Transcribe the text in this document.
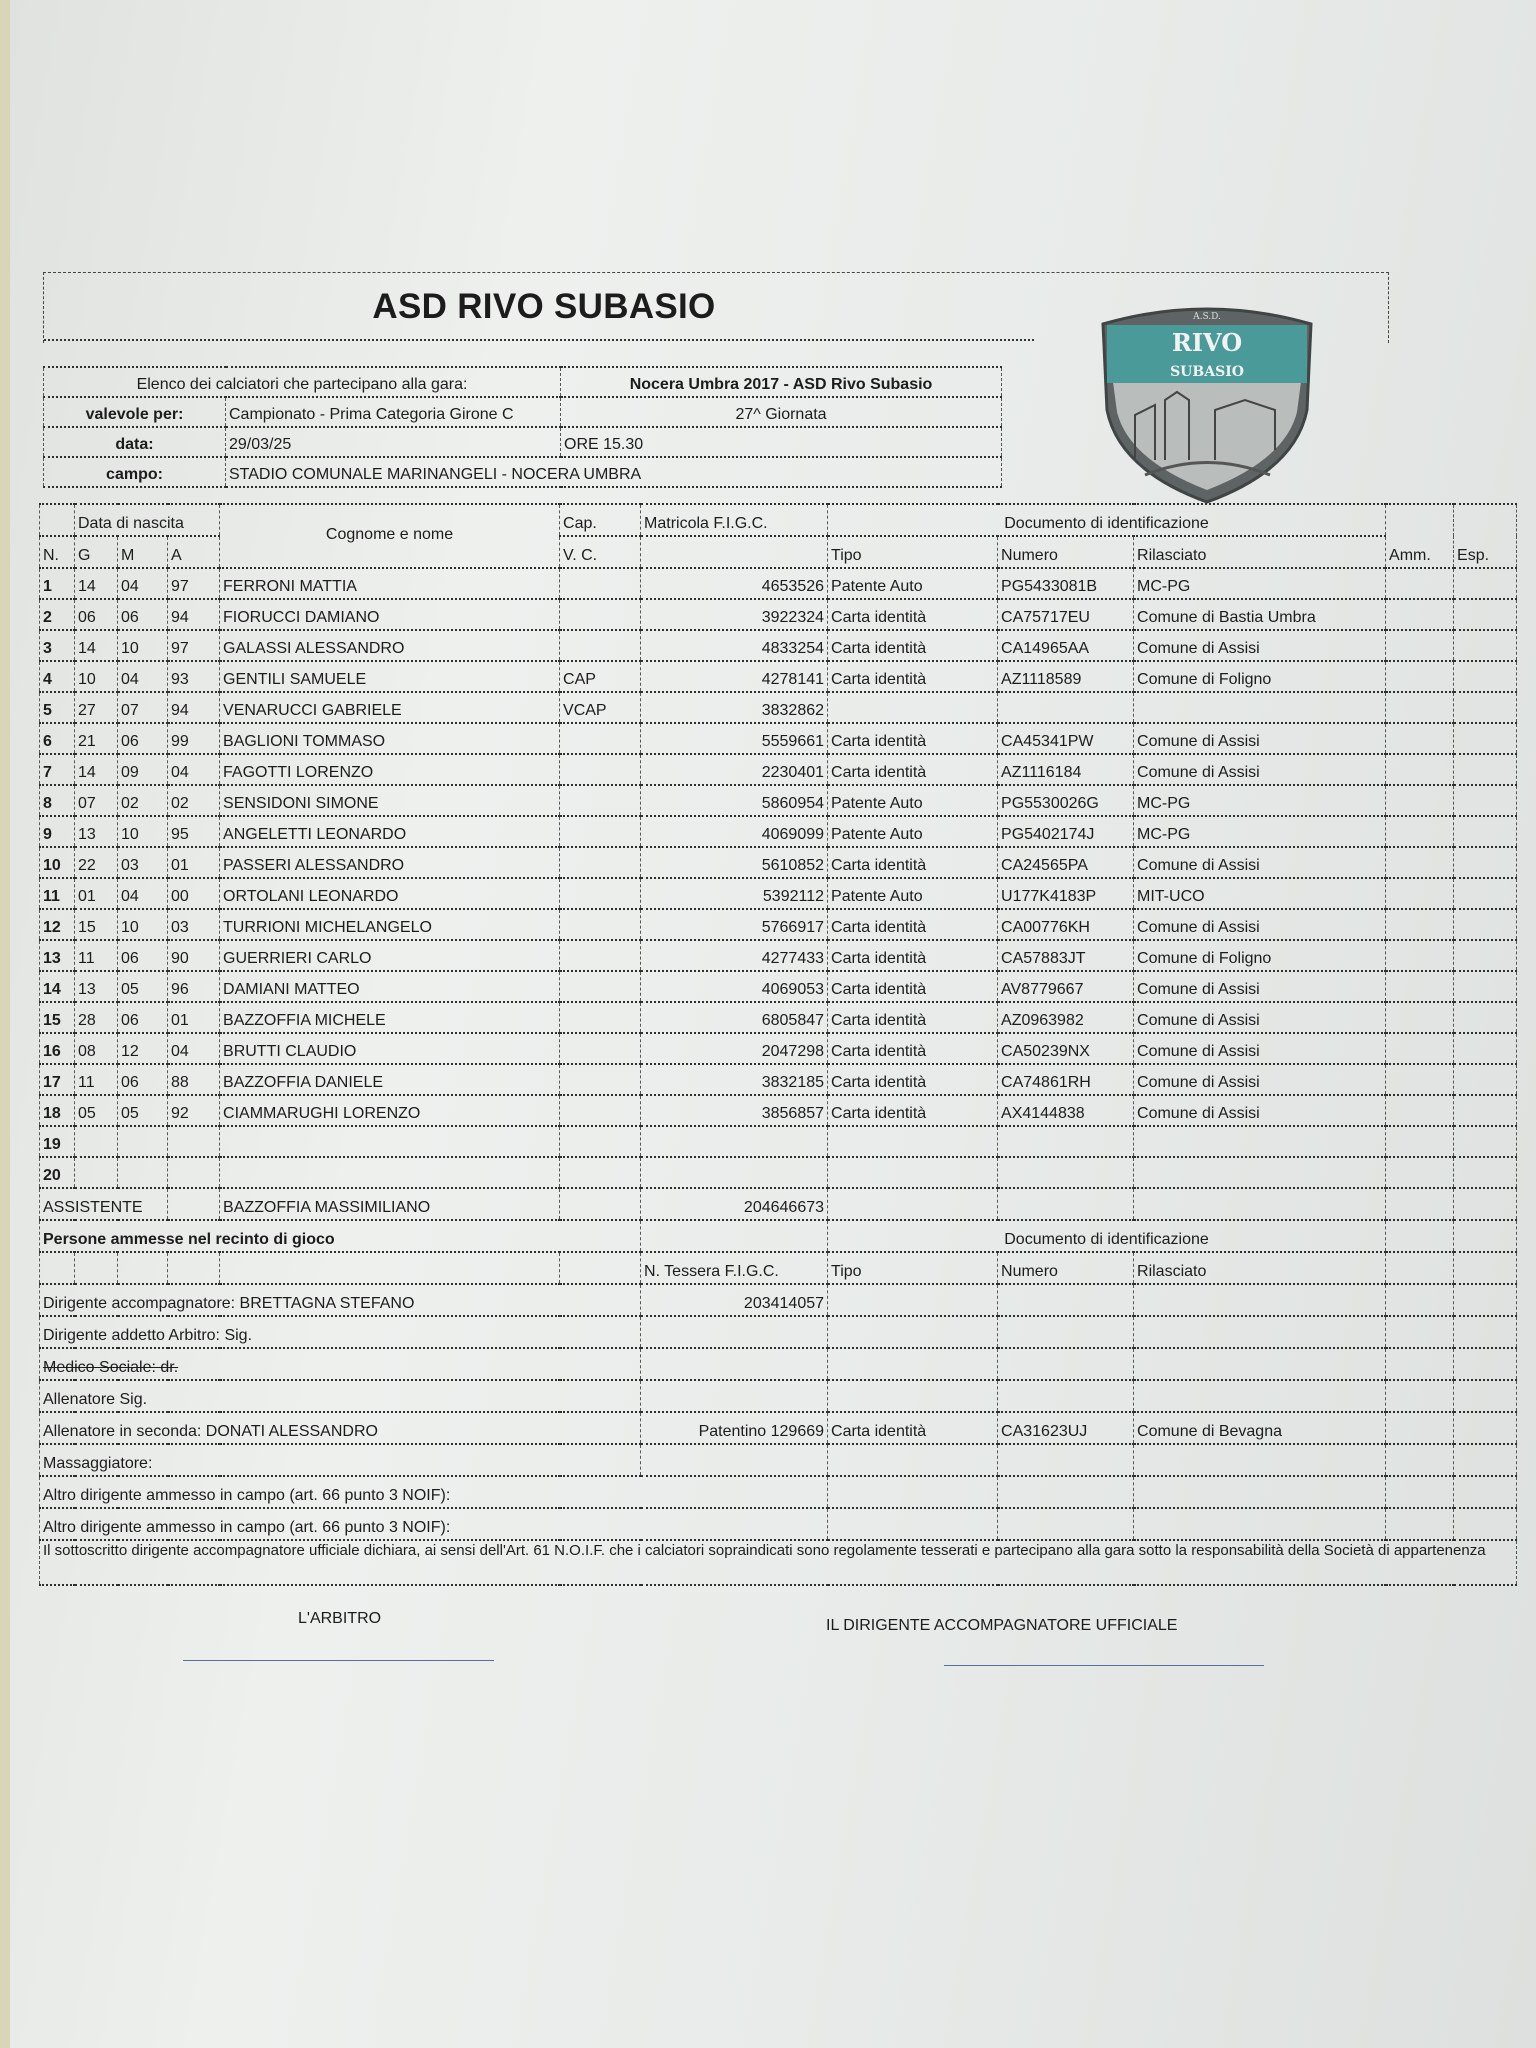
ASD RIVO SUBASIO	A.S.D.
RIVO
SUBASIO
Elenco dei calciatori che partecipano alla gara:		Nocera Umbra 2017 - ASD Rivo Subasio
valevole per:	Campionato - Prima Categoria Girone C	27^ Giornata
data:	29/03/25	ORE 15.30
campo:	STADIO COMUNALE MARINANGELI - NOCERA UMBRA	
	Data di nascita			Cognome e nome	Cap.	Matricola F.I.G.C.	Documento di identificazione			Amm.	Esp.
N.	G	M	A		V. C.		Tipo	Numero	Rilasciato		
1	14	04	97	FERRONI MATTIA		4653526	Patente Auto	PG5433081B	MC-PG		
2	06	06	94	FIORUCCI DAMIANO		3922324	Carta identità	CA75717EU	Comune di Bastia Umbra		
3	14	10	97	GALASSI ALESSANDRO		4833254	Carta identità	CA14965AA	Comune di Assisi		
4	10	04	93	GENTILI SAMUELE	CAP	4278141	Carta identità	AZ1118589	Comune di Foligno		
5	27	07	94	VENARUCCI GABRIELE	VCAP	3832862					
6	21	06	99	BAGLIONI TOMMASO		5559661	Carta identità	CA45341PW	Comune di Assisi		
7	14	09	04	FAGOTTI LORENZO		2230401	Carta identità	AZ1116184	Comune di Assisi		
8	07	02	02	SENSIDONI SIMONE		5860954	Patente Auto	PG5530026G	MC-PG		
9	13	10	95	ANGELETTI LEONARDO		4069099	Patente Auto	PG5402174J	MC-PG		
10	22	03	01	PASSERI ALESSANDRO		5610852	Carta identità	CA24565PA	Comune di Assisi		
11	01	04	00	ORTOLANI LEONARDO		5392112	Patente Auto	U177K4183P	MIT-UCO		
12	15	10	03	TURRIONI MICHELANGELO		5766917	Carta identità	CA00776KH	Comune di Assisi		
13	11	06	90	GUERRIERI CARLO		4277433	Carta identità	CA57883JT	Comune di Foligno		
14	13	05	96	DAMIANI MATTEO		4069053	Carta identità	AV8779667	Comune di Assisi		
15	28	06	01	BAZZOFFIA MICHELE		6805847	Carta identità	AZ0963982	Comune di Assisi		
16	08	12	04	BRUTTI CLAUDIO		2047298	Carta identità	CA50239NX	Comune di Assisi		
17	11	06	88	BAZZOFFIA DANIELE		3832185	Carta identità	CA74861RH	Comune di Assisi		
18	05	05	92	CIAMMARUGHI LORENZO		3856857	Carta identità	AX4144838	Comune di Assisi		
19											
20											
ASSISTENTE				BAZZOFFIA MASSIMILIANO		204646673					
Persone ammesse nel recinto di gioco							Documento di identificazione				
						N. Tessera F.I.G.C.	Tipo	Numero	Rilasciato		
Dirigente accompagnatore: BRETTAGNA STEFANO						203414057					
Dirigente addetto Arbitro: Sig.											
Medico Sociale: dr.											
Allenatore Sig.											
Allenatore in seconda: DONATI ALESSANDRO						Patentino 129669	Carta identità	CA31623UJ	Comune di Bevagna		
Massaggiatore:											
Altro dirigente ammesso in campo (art. 66 punto 3 NOIF):											
Altro dirigente ammesso in campo (art. 66 punto 3 NOIF):											
Il sottoscritto dirigente accompagnatore ufficiale dichiara, ai sensi dell'Art. 61 N.O.I.F. che i calciatori sopraindicati sono regolamente tesserati e partecipano alla gara sotto la responsabilità della Società di appartenenza											
L'ARBITRO	IL DIRIGENTE ACCOMPAGNATORE UFFICIALE
